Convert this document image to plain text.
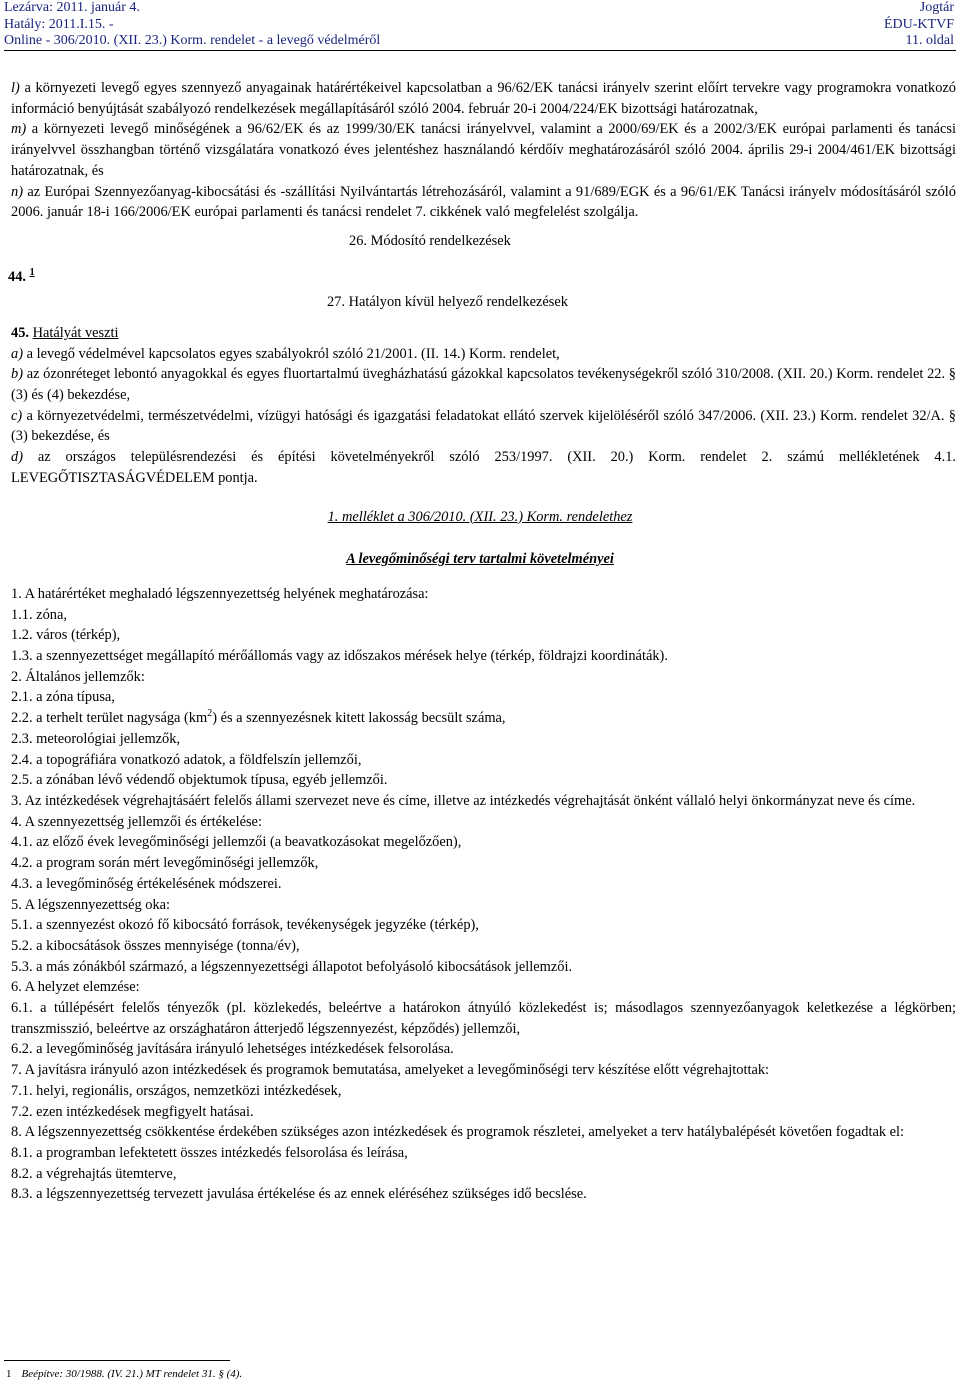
Lezárva: 2011. január 4.
Hatály: 2011.I.15. -
Online - 306/2010. (XII. 23.) Korm. rendelet - a levegő védelméről
Jogtár
ÉDU-KTVF
11. oldal

l) a környezeti levegő egyes szennyező anyagainak határértékeivel kapcsolatban a 96/62/EK tanácsi irányelv szerint előírt tervekre vagy programokra vonatkozó információ benyújtását szabályozó rendelkezések megállapításáról szóló 2004. február 20-i 2004/224/EK bizottsági határozatnak,

m) a környezeti levegő minőségének a 96/62/EK és az 1999/30/EK tanácsi irányelvvel, valamint a 2000/69/EK és a 2002/3/EK európai parlamenti és tanácsi irányelvvel összhangban történő vizsgálatára vonatkozó éves jelentéshez használandó kérdőív meghatározásáról szóló 2004. április 29-i 2004/461/EK bizottsági határozatnak, és

n) az Európai Szennyezőanyag-kibocsátási és -szállítási Nyilvántartás létrehozásáról, valamint a 91/689/EGK és a 96/61/EK Tanácsi irányelv módosításáról szóló 2006. január 18-i 166/2006/EK európai parlamenti és tanácsi rendelet 7. cikkének való megfelelést szolgálja.

26. Módosító rendelkezések
44. $^1$
27. Hatályon kívül helyező rendelkezések

45. Hatályát veszti

a) a levegő védelmével kapcsolatos egyes szabályokról szóló 21/2001. (II. 14.) Korm. rendelet,

b) az ózonréteget lebontó anyagokkal és egyes fluortartalmú üvegházhatású gázokkal kapcsolatos tevékenységekről szóló 310/2008. (XII. 20.) Korm. rendelet 22. § (3) és (4) bekezdése,

c) a környezetvédelmi, természetvédelmi, vízügyi hatósági és igazgatási feladatokat ellátó szervek kijelöléséről szóló 347/2006. (XII. 23.) Korm. rendelet 32/A. § (3) bekezdése, és

d) az országos településrendezési és építési követelményekről szóló 253/1997. (XII. 20.) Korm. rendelet 2. számú mellékletének 4.1. LEVEGŐTISZTASÁGVÉDELEM pontja.

1. melléklet a 306/2010. (XII. 23.) Korm. rendelethez

A levegőminőségi terv tartalmi követelményei

1. A határértéket meghaladó légszennyezettség helyének meghatározása:

1.1. zóna,

1.2. város (térkép),

1.3. a szennyezettséget megállapító mérőállomás vagy az időszakos mérések helye (térkép, földrajzi koordináták).

2. Általános jellemzők:

2.1. a zóna típusa,

2.2. a terhelt terület nagysága $(km^2)$ és a szennyezésnek kitett lakosság becsült száma,

2.3. meteorológiai jellemzők,

2.4. a topográfiára vonatkozó adatok, a földfelszín jellemzői,

2.5. a zónában lévő védendő objektumok típusa, egyéb jellemzői.

3. Az intézkedések végrehajtásáért felelős állami szervezet neve és címe, illetve az intézkedés végrehajtását önként vállaló helyi önkormányzat neve és címe.

4. A szennyezettség jellemzői és értékelése:

4.1. az előző évek levegőminőségi jellemzői (a beavatkozásokat megelőzően),

4.2. a program során mért levegőminőségi jellemzők,

4.3. a levegőminőség értékelésének módszerei.

5. A légszennyezettség oka:

5.1. a szennyezést okozó fő kibocsátó források, tevékenységek jegyzéke (térkép),

5.2. a kibocsátások összes mennyisége (tonna/év),

5.3. a más zónákból származó, a légszennyezettségi állapotot befolyásoló kibocsátások jellemzői.

6. A helyzet elemzése:

6.1. a túllépésért felelős tényezők (pl. közlekedés, beleértve a határokon átnyúló közlekedést is; másodlagos szennyezőanyagok keletkezése a légkörben; transzmisszió, beleértve az országhatáron átterjedő légszennyezést, képződés) jellemzői,

6.2. a levegőminőség javítására irányuló lehetséges intézkedések felsorolása.

7. A javításra irányuló azon intézkedések és programok bemutatása, amelyeket a levegőminőségi terv készítése előtt végrehajtottak:

7.1. helyi, regionális, országos, nemzetközi intézkedések,

7.2. ezen intézkedések megfigyelt hatásai.

8. A légszennyezettség csökkentése érdekében szükséges azon intézkedések és programok részletei, amelyeket a terv hatálybalépését követően fogadtak el:

8.1. a programban lefektetett összes intézkedés felsorolása és leírása,

8.2. a végrehajtás ütemterve,

8.3. a légszennyezettség tervezett javulása értékelése és az ennek eléréséhez szükséges idő becslése.

1 Beépítve: 30/1988. (IV. 21.) MT rendelet 31. § (4).
